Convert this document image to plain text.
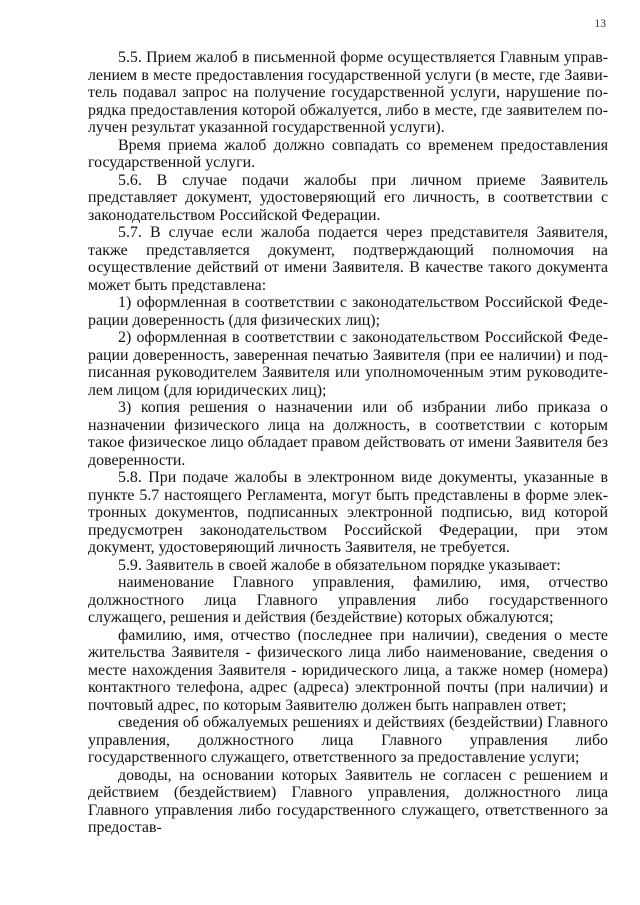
13

5.5. Прием жалоб в письменной форме осуществляется Главным управлением в месте предоставления государственной услуги (в месте, где Заявитель подавал запрос на получение государственной услуги, нарушение порядка предоставления которой обжалуется, либо в месте, где заявителем получен результат указанной государственной услуги).

Время приема жалоб должно совпадать со временем предоставления государственной услуги.

5.6. В случае подачи жалобы при личном приеме Заявитель представляет документ, удостоверяющий его личность, в соответствии с законодательством Российской Федерации.

5.7. В случае если жалоба подается через представителя Заявителя, также представляется документ, подтверждающий полномочия на осуществление действий от имени Заявителя. В качестве такого документа может быть представлена:

1) оформленная в соответствии с законодательством Российской Федерации доверенность (для физических лиц);

2) оформленная в соответствии с законодательством Российской Федерации доверенность, заверенная печатью Заявителя (при ее наличии) и подписанная руководителем Заявителя или уполномоченным этим руководителем лицом (для юридических лиц);

3) копия решения о назначении или об избрании либо приказа о назначении физического лица на должность, в соответствии с которым такое физическое лицо обладает правом действовать от имени Заявителя без доверенности.

5.8. При подаче жалобы в электронном виде документы, указанные в пункте 5.7 настоящего Регламента, могут быть представлены в форме электронных документов, подписанных электронной подписью, вид которой предусмотрен законодательством Российской Федерации, при этом документ, удостоверяющий личность Заявителя, не требуется.

5.9. Заявитель в своей жалобе в обязательном порядке указывает:

наименование Главного управления, фамилию, имя, отчество должностного лица Главного управления либо государственного служащего, решения и действия (бездействие) которых обжалуются;

фамилию, имя, отчество (последнее при наличии), сведения о месте жительства Заявителя - физического лица либо наименование, сведения о месте нахождения Заявителя - юридического лица, а также номер (номера) контактного телефона, адрес (адреса) электронной почты (при наличии) и почтовый адрес, по которым Заявителю должен быть направлен ответ;

сведения об обжалуемых решениях и действиях (бездействии) Главного управления, должностного лица Главного управления либо государственного служащего, ответственного за предоставление услуги;

доводы, на основании которых Заявитель не согласен с решением и действием (бездействием) Главного управления, должностного лица Главного управления либо государственного служащего, ответственного за предостав-
